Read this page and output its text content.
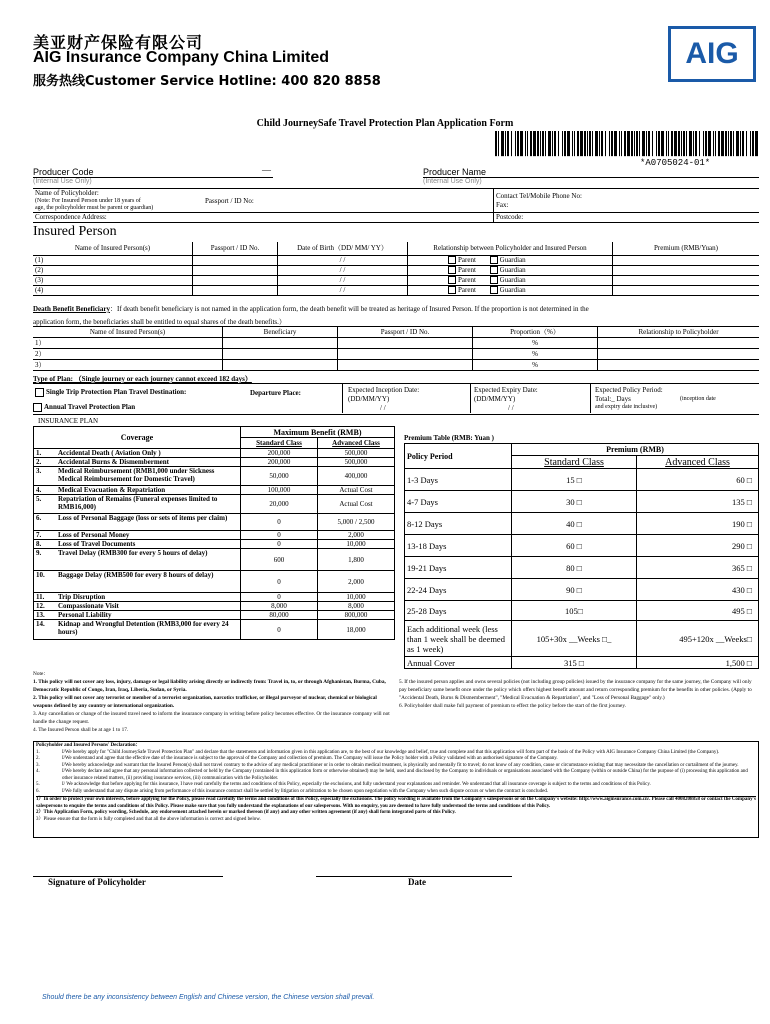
美亚财产保险有限公司
AIG Insurance Company China Limited
服务热线Customer Service Hotline: 400 820 8858
AIG
Child JourneySafe Travel Protection Plan Application Form
*A0705024-01*
Producer Code
(Internal Use Only)
—	Producer Name
(Internal Use Only)
Name of Policyholder:
(Note: For Insured Person under 18 years of
age, the policyholder must be parent or guardian)
Passport / ID No:
Contact Tel/Mobile Phone No:
Fax:
Correspondence Address:	Postcode:
Insured Person
Name of Insured Person(s)	Passport / ID No.	Date of Birth（DD/ MM/ YY）	Relationship between Policyholder and Insured Person	Premium (RMB/Yuan)
(1)		/ /	Parent Guardian	
(2)		/ /	Parent Guardian	
(3)		/ /	Parent Guardian	
(4)		/ /	Parent Guardian	
Death Benefit Beneficiary：If death benefit beneficiary is not named in the application form, the death benefit will be treated as heritage of Insured Person. If the proportion is not determined in the
application form, the beneficiaries shall be entitled to equal shares of the death benefits.）
Name of Insured Person(s)	Beneficiary	Passport / ID No.	Proportion（%）	Relationship to Policyholder
1）			%	
2）			%	
3）			%	
Type of Plan: （Single journey or each journey cannot exceed 182 days）
Single Trip Protection Plan Travel Destination:	Departure Place:	Expected Inception Date:
(DD/MM/YY)
/ /
Expected Expiry Date:
(DD/MM/YY)
/ /
Expected Policy Period:
Total:_ Days	(inception date
and expiry date inclusive)
Annual Travel Protection Plan
INSURANCE PLAN
Coverage		Maximum Benefit (RMB)	
		Standard Class	Advanced Class
1.	Accidental Death ( Aviation Only )	200,000	500,000
2.	Accidental Burns & Dismemberment	200,000	500,000
3.	Medical Reimbursement (RMB1,000 under Sickness Medical Reimbursement for Domestic Travel)	50,000	400,000
4.	Medical Evacuation & Repatriation	100,000	Actual Cost
5.	Repatriation of Remains (Funeral expenses limited to RMB16,000)	20,000	Actual Cost
6.	Loss of Personal Baggage (loss or sets of items per claim)	0	5,000 / 2,500
7.	Loss of Personal Money	0	2,000
8.	Loss of Travel Documents	0	10,000
9.	Travel Delay (RMB300 for every 5 hours of delay)	600	1,800
10.	Baggage Delay (RMB500 for every 8 hours of delay)	0	2,000
11.	Trip Disruption	0	10,000
12.	Compassionate Visit	8,000	8,000
13.	Personal Liability	80,000	800,000
14.	Kidnap and Wrongful Detention (RMB3,000 for every 24 hours)	0	18,000
Premium Table (RMB: Yuan )
Policy Period	Premium (RMB)	
	Standard Class	Advanced Class
1-3 Days	15 □	60 □
4-7 Days	30 □	135 □
8-12 Days	40 □	190 □
13-18 Days	60 □	290 □
19-21 Days	80 □	365 □
22-24 Days	90 □	430 □
25-28 Days	105□	495 □
Each additional week (less than 1 week shall be deemed as 1 week)	105+30x __Weeks □_	495+120x __Weeks□
Annual Cover	315 □	1,500 □
Note：
1. This policy will not cover any loss, injury, damage or legal liability arising directly or indirectly from: Travel in, to, or through Afghanistan, Burma, Cuba, Democratic Republic of Congo, Iran, Iraq, Liberia, Sudan, or Syria.
2. This policy will not cover any terrorist or member of a terrorist organization, narcotics trafficker, or illegal purveyor of nuclear, chemical or biological weapons defined by any country or international organization.
3. Any cancellation or change of the insured travel need to inform the insurance company in writing before policy becomes effective. Or the insurance company will not handle the change request.
4. The Insured Person shall be at age 1 to 17.
5. If the insured person applies and owns several policies (not including group policies) issued by the insurance company for the same journey, the Company will only pay beneficiary same benefit once under the policy which offers highest benefit amount and return corresponding premium for the benefits in other policies. (Apply to "Accidental Death, Burns & Dismemberment", "Medical Evacuation & Repatriation", and "Loss of Personal Baggage" only.)
6. Policyholder shall make full payment of premium to effect the policy before the start of the first journey.
Policyholder and Insured Persons' Declaration：
1.	I/We hereby apply for "Child JourneySafe Travel Protection Plan" and declare that the statements and information given in this application are, to the best of our knowledge and belief, true and complete and that this application will form part of the basis of the Policy with AIG Insurance Company China Limited (the Company).
2.	I/We understand and agree that the effective date of the insurance is subject to the approval of the Company and collection of premium. The Company will issue the Policy holder with a Policy validated with an authorised signature of the Company.
3.	I/We hereby acknowledge and warrant that the Insured Person(s) shall not travel contrary to the advice of any medical practitioner or in order to obtain medical treatment, is physically and mentally fit to travel; do not know of any condition, cause or circumstance existing that may necessitate the cancellation or curtailment of the journey.
4.	I/We hereby declare and agree that any personal information collected or held by the Company (contained in this application form or otherwise obtained) may be held, used and disclosed by the Company to individuals or organisations associated with the Company (within or outside China) for the purpose of (i) processing this application and other insurance related matters, (ii) providing insurance services, (iii) communication with the Policyholder.
5.	I/ We acknowledge that before applying for this insurance, I have read carefully the terms and conditions of this Policy, especially the exclusions, and fully understand your explanations and reminder. We understand that all insurance coverage is subject to the terms and conditions of this Policy.
6.	I/We fully understand that any dispute arising from performance of this insurance contract shall be settled by litigation or arbitration to be chosen upon negotiation with the Company when such dispute occurs or when the contract is concluded.
1）In order to protect your own interests, before applying for the Policy, please read carefully the terms and conditions of this Policy, especially the exclusions. The policy wording is available from the Company's salespersons or on the Company's website: http://www.aiginsurance.com.cn/. Please call 4008208858 or contact the Company's salespersons to enquire the terms and conditions of this Policy. Please make sure that you fully understand the explanations of our salespersons. With no enquiry, you are deemed to have fully understood the terms and conditions of this Policy.
2）This Application Form, policy wording, Schedule, any endorsement attached herein or marked thereon (if any) and any other written agreement (if any) shall form integrated parts of this Policy.
3）Please ensure that the form is fully completed and that all the above information is correct and signed below.
Signature of Policyholder	Date
Should there be any inconsistency between English and Chinese version, the Chinese version shall prevail.
